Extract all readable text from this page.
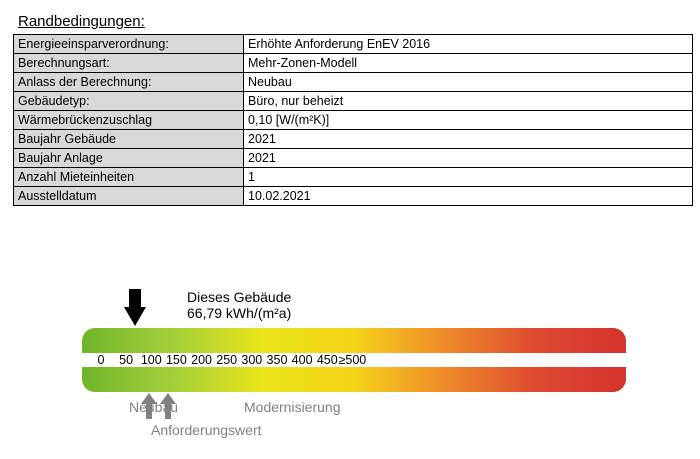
Randbedingungen:
Energieeinsparverordnung:	Erhöhte Anforderung EnEV 2016
Berechnungsart:	Mehr-Zonen-Modell
Anlass der Berechnung:	Neubau
Gebäudetyp:	Büro, nur beheizt
Wärmebrückenzuschlag	0,10 [W/(m²K)]
Baujahr Gebäude	2021
Baujahr Anlage	2021
Anzahl Mieteinheiten	1
Ausstelldatum	10.02.2021
Dieses Gebäude
66,79 kWh/(m²a)
0 50 100 150 200 250 300 350 400 450 ≥500
Neubau	Modernisierung
Anforderungswert
